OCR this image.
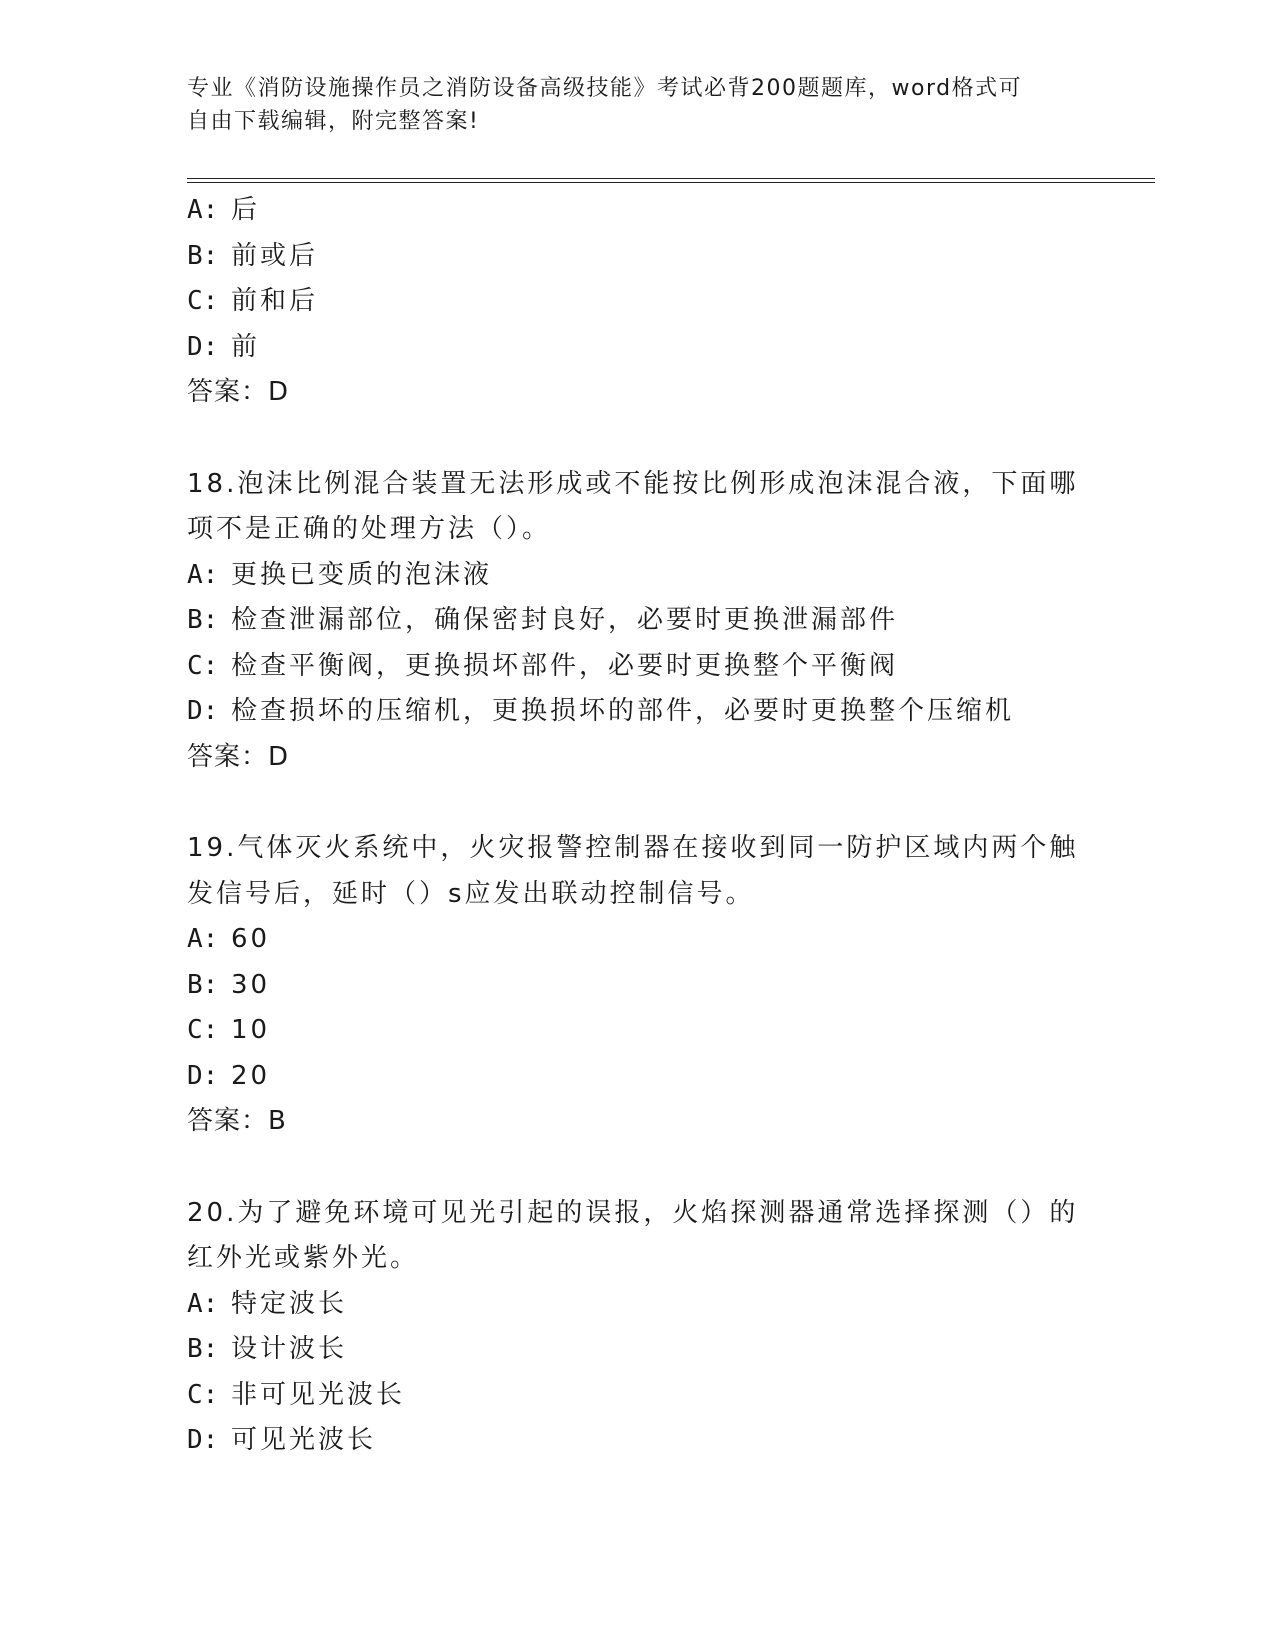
专业《消防设施操作员之消防设备高级技能》考试必背200题题库，word格式可
自由下载编辑，附完整答案!
A: 后
B: 前或后
C: 前和后
D: 前
答案：D
18.泡沫比例混合装置无法形成或不能按比例形成泡沫混合液，下面哪
项不是正确的处理方法（）。
A: 更换已变质的泡沫液
B: 检查泄漏部位，确保密封良好，必要时更换泄漏部件
C: 检查平衡阀，更换损坏部件，必要时更换整个平衡阀
D: 检查损坏的压缩机，更换损坏的部件，必要时更换整个压缩机
答案：D
19.气体灭火系统中，火灾报警控制器在接收到同一防护区域内两个触
发信号后，延时（）s应发出联动控制信号。
A: 60
B: 30
C: 10
D: 20
答案：B
20.为了避免环境可见光引起的误报，火焰探测器通常选择探测（）的
红外光或紫外光。
A: 特定波长
B: 设计波长
C: 非可见光波长
D: 可见光波长
